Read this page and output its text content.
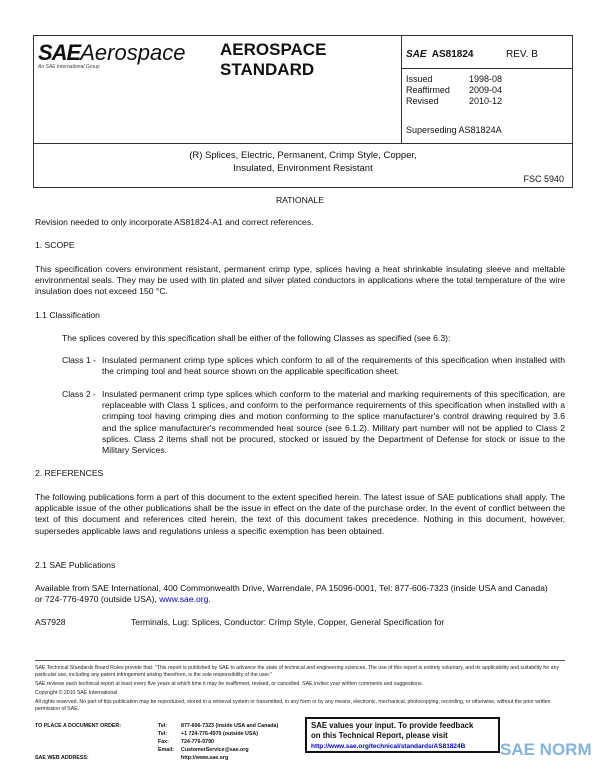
SAEAerospace
An SAE International Group
AEROSPACE
STANDARD
SAE AS81824	REV. B
Issued	1998-08
Reaffirmed 2009-04
Revised	2010-12
Superseding AS81824A
(R) Splices, Electric, Permanent, Crimp Style, Copper,
Insulated, Environment Resistant
FSC 5940
RATIONALE
Revision needed to only incorporate AS81824-A1 and correct references.
1. SCOPE
This specification covers environment resistant, permanent crimp type, splices having a heat shrinkable insulating sleeve and meltable environmental seals. They may be used with tin plated and silver plated conductors in applications where the total temperature of the wire insulation does not exceed 150 °C.
1.1 Classification
The splices covered by this specification shall be either of the following Classes as specified (see 6.3):
Class 1 - Insulated permanent crimp type splices which conform to all of the requirements of this specification when installed with the crimping tool and heat source shown on the applicable specification sheet.
Class 2 - Insulated permanent crimp type splices which conform to the material and marking requirements of this specification, are replaceable with Class 1 splices, and conform to the performance requirements of this specification when installed with a crimping tool having crimping dies and motion conforming to the splice manufacturer's control drawing required by 3.6 and the splice manufacturer's recommended heat source (see 6.1.2). Military part number will not be applied to Class 2 splices. Class 2 items shall not be procured, stocked or issued by the Department of Defense for stock or issue to the Military Services.
2. REFERENCES
The following publications form a part of this document to the extent specified herein. The latest issue of SAE publications shall apply. The applicable issue of the other publications shall be the issue in effect on the date of the purchase order. In the event of conflict between the text of this document and references cited herein, the text of this document takes precedence. Nothing in this document, however, supersedes applicable laws and regulations unless a specific exemption has been obtained.
2.1 SAE Publications
Available from SAE International, 400 Commonwealth Drive, Warrendale, PA 15096-0001, Tel: 877-606-7323 (inside USA and Canada) or 724-776-4970 (outside USA), www.sae.org.
AS7928	Terminals, Lug: Splices, Conductor: Crimp Style, Copper, General Specification for
SAE Technical Standards Board Rules provide that: "This report is published by SAE to advance the state of technical and engineering sciences. The use of this report is entirely voluntary, and its applicability and suitability for any particular use, including any patent infringement arising therefrom, is the sole responsibility of the user."
SAE reviews each technical report at least every five years at which time it may be reaffirmed, revised, or cancelled. SAE invites your written comments and suggestions.
Copyright © 2010 SAE International
All rights reserved. No part of this publication may be reproduced, stored in a retrieval system or transmitted, in any form or by any means, electronic, mechanical, photocopying, recording, or otherwise, without the prior written permission of SAE.
TO PLACE A DOCUMENT ORDER:
SAE WEB ADDRESS:
Tel:	877-606-7323 (inside USA and Canada)
Tel:	+1 724-776-4970 (outside USA)
Fax: 724-776-0790
Email: CustomerService@sae.org
http://www.sae.org
SAE values your input. To provide feedback
on this Technical Report, please visit
http://www.sae.org/technical/standards/AS81824B	SAE NORM
